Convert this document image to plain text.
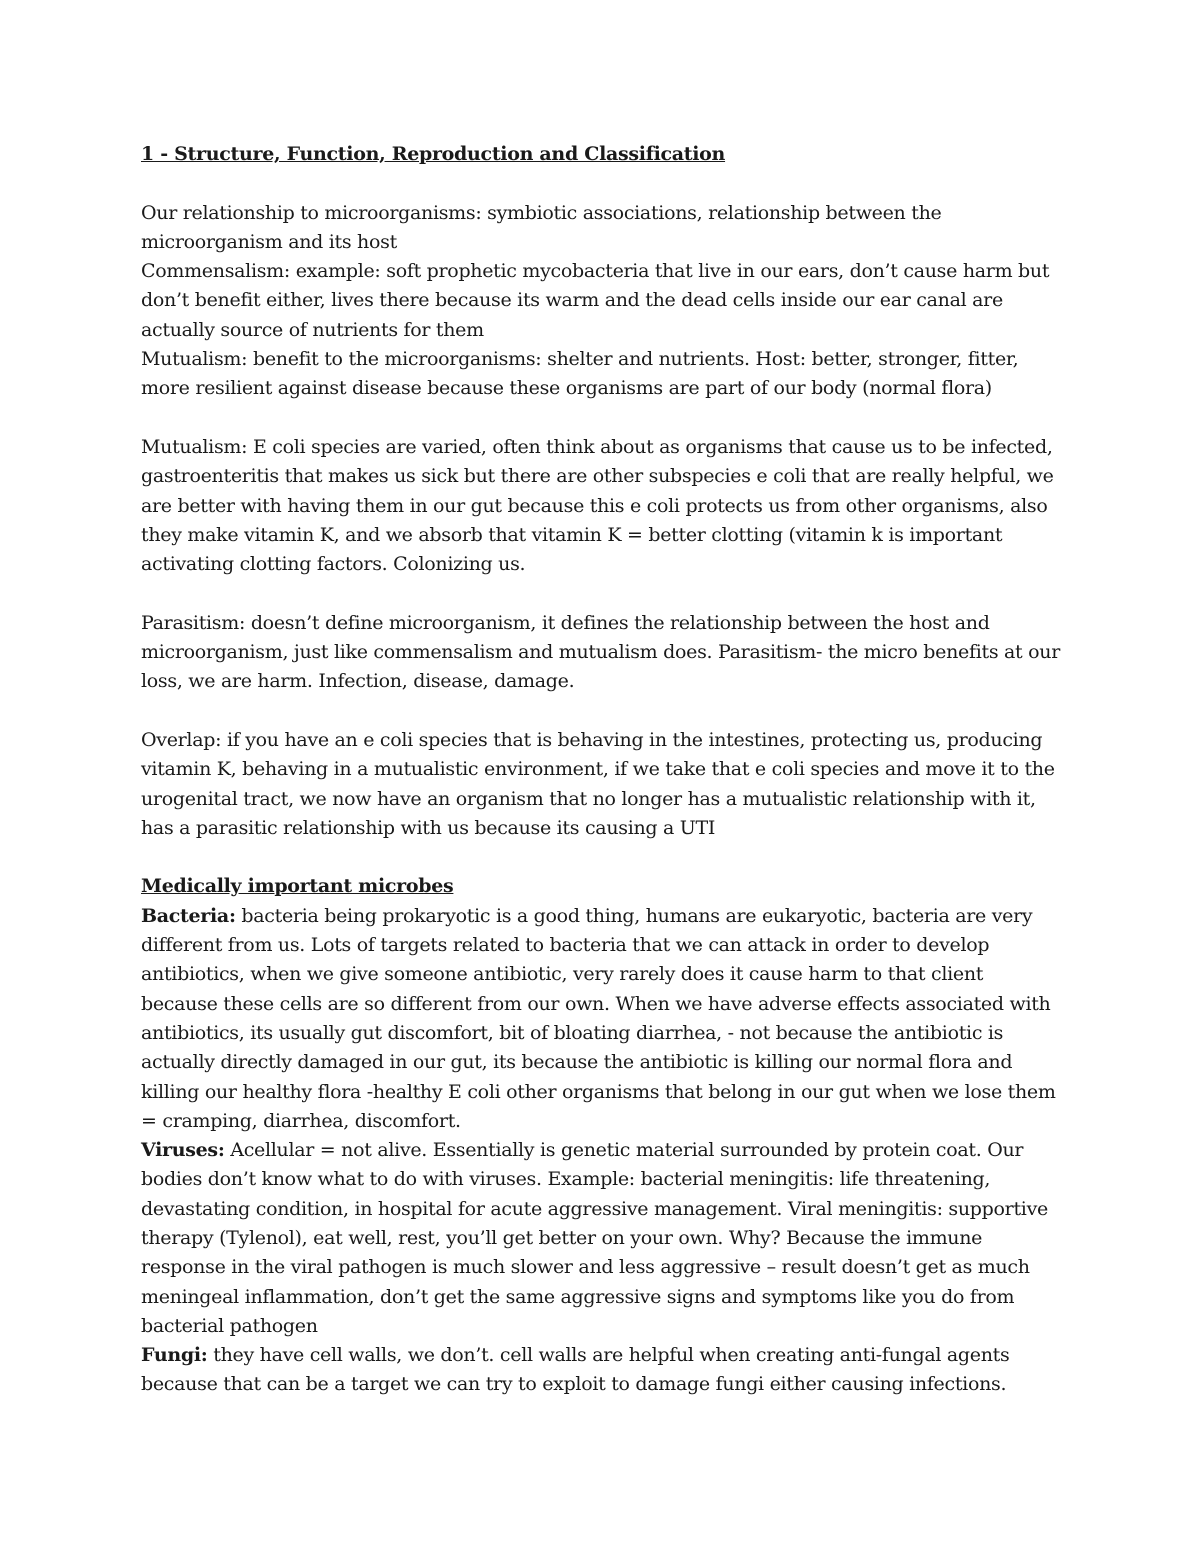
1 - Structure, Function, Reproduction and Classification

Our relationship to microorganisms: symbiotic associations, relationship between the microorganism and its host

Commensalism: example: soft prophetic mycobacteria that live in our ears, don’t cause harm but don’t benefit either, lives there because its warm and the dead cells inside our ear canal are actually source of nutrients for them

Mutualism: benefit to the microorganisms: shelter and nutrients. Host: better, stronger, fitter, more resilient against disease because these organisms are part of our body (normal flora)

Mutualism: E coli species are varied, often think about as organisms that cause us to be infected, gastroenteritis that makes us sick but there are other subspecies e coli that are really helpful, we are better with having them in our gut because this e coli protects us from other organisms, also they make vitamin K, and we absorb that vitamin K = better clotting (vitamin k is important activating clotting factors. Colonizing us.

Parasitism: doesn’t define microorganism, it defines the relationship between the host and microorganism, just like commensalism and mutualism does. Parasitism- the micro benefits at our loss, we are harm. Infection, disease, damage.

Overlap: if you have an e coli species that is behaving in the intestines, protecting us, producing vitamin K, behaving in a mutualistic environment, if we take that e coli species and move it to the urogenital tract, we now have an organism that no longer has a mutualistic relationship with it, has a parasitic relationship with us because its causing a UTI

Medically important microbes

Bacteria: bacteria being prokaryotic is a good thing, humans are eukaryotic, bacteria are very different from us. Lots of targets related to bacteria that we can attack in order to develop antibiotics, when we give someone antibiotic, very rarely does it cause harm to that client because these cells are so different from our own. When we have adverse effects associated with antibiotics, its usually gut discomfort, bit of bloating diarrhea, - not because the antibiotic is actually directly damaged in our gut, its because the antibiotic is killing our normal flora and killing our healthy flora -healthy E coli other organisms that belong in our gut when we lose them = cramping, diarrhea, discomfort.

Viruses: Acellular = not alive. Essentially is genetic material surrounded by protein coat. Our bodies don’t know what to do with viruses. Example: bacterial meningitis: life threatening, devastating condition, in hospital for acute aggressive management. Viral meningitis: supportive therapy (Tylenol), eat well, rest, you’ll get better on your own. Why? Because the immune response in the viral pathogen is much slower and less aggressive – result doesn’t get as much meningeal inflammation, don’t get the same aggressive signs and symptoms like you do from bacterial pathogen

Fungi: they have cell walls, we don’t. cell walls are helpful when creating anti-fungal agents because that can be a target we can try to exploit to damage fungi either causing infections.
